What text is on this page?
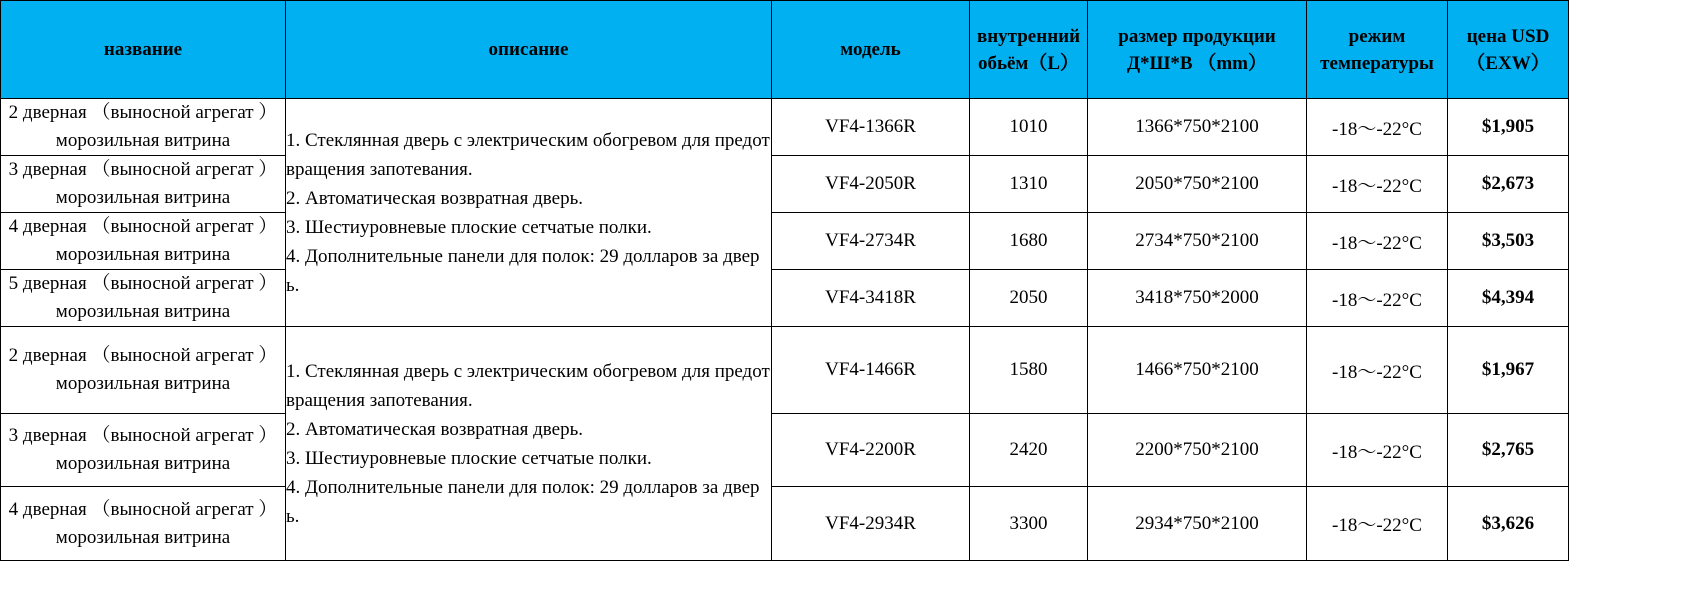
название	описание	модель	внутренний обьём（L）	размер продукции Д*Ш*В （mm）	режим температуры	цена USD（EXW）
2 дверная （выносной агрегат ）морозильная витрина	1. Стеклянная дверь с электрическим обогревом для предотвращения запотевания.
2. Автоматическая возвратная дверь.
3. Шестиуровневые плоские сетчатые полки.
4. Дополнительные панели для полок: 29 долларов за дверь.	VF4-1366R	1010	1366*750*2100	-18～-22°C	$1,905
3 дверная （выносной агрегат ）морозильная витрина		VF4-2050R	1310	2050*750*2100	-18～-22°C	$2,673
4 дверная （выносной агрегат ）морозильная витрина		VF4-2734R	1680	2734*750*2100	-18～-22°C	$3,503
5 дверная （выносной агрегат ）морозильная витрина		VF4-3418R	2050	3418*750*2000	-18～-22°C	$4,394
2 дверная （выносной агрегат ）морозильная витрина	1. Стеклянная дверь с электрическим обогревом для предотвращения запотевания.
2. Автоматическая возвратная дверь.
3. Шестиуровневые плоские сетчатые полки.
4. Дополнительные панели для полок: 29 долларов за дверь.	VF4-1466R	1580	1466*750*2100	-18～-22°C	$1,967
3 дверная （выносной агрегат ）морозильная витрина		VF4-2200R	2420	2200*750*2100	-18～-22°C	$2,765
4 дверная （выносной агрегат ）морозильная витрина		VF4-2934R	3300	2934*750*2100	-18～-22°C	$3,626
